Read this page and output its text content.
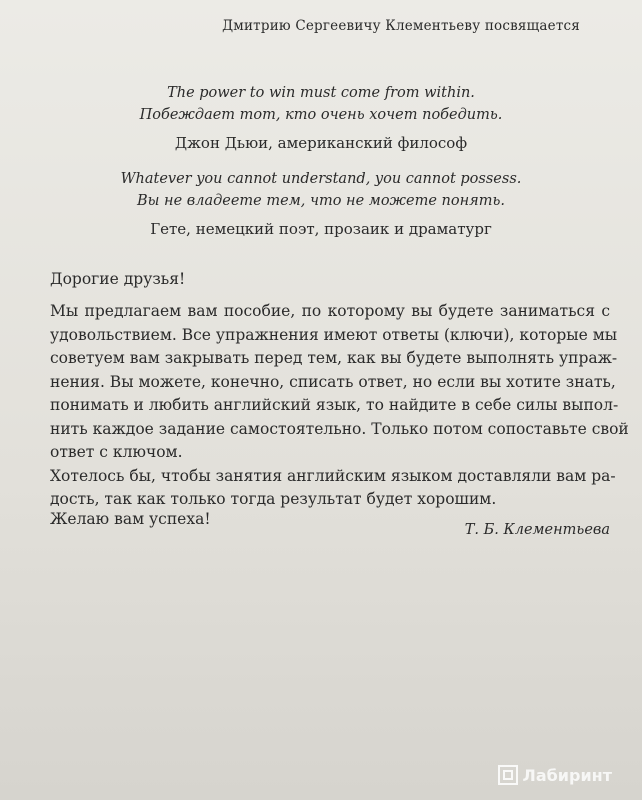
Дмитрию Сергеевичу Клементьеву посвящается
The power to win must come from within.
Побеждает тот, кто очень хочет победить.
Джон Дьюи, американский философ
Whatever you cannot understand, you cannot possess.
Вы не владеете тем, что не можете понять.
Гете, немецкий поэт, прозаик и драматург
Дорогие друзья!
Мы предлагаем вам пособие, по которому вы будете заниматься с
удовольствием. Все упражнения имеют ответы (ключи), которые мы
советуем вам закрывать перед тем, как вы будете выполнять упраж-
нения. Вы можете, конечно, списать ответ, но если вы хотите знать,
понимать и любить английский язык, то найдите в себе силы выпол-
нить каждое задание самостоятельно. Только потом сопоставьте свой
ответ с ключом.
Хотелось бы, чтобы занятия английским языком доставляли вам ра-
дость, так как только тогда результат будет хорошим.
Желаю вам успеха!
Т. Б. Клементьева
Лабиринт
